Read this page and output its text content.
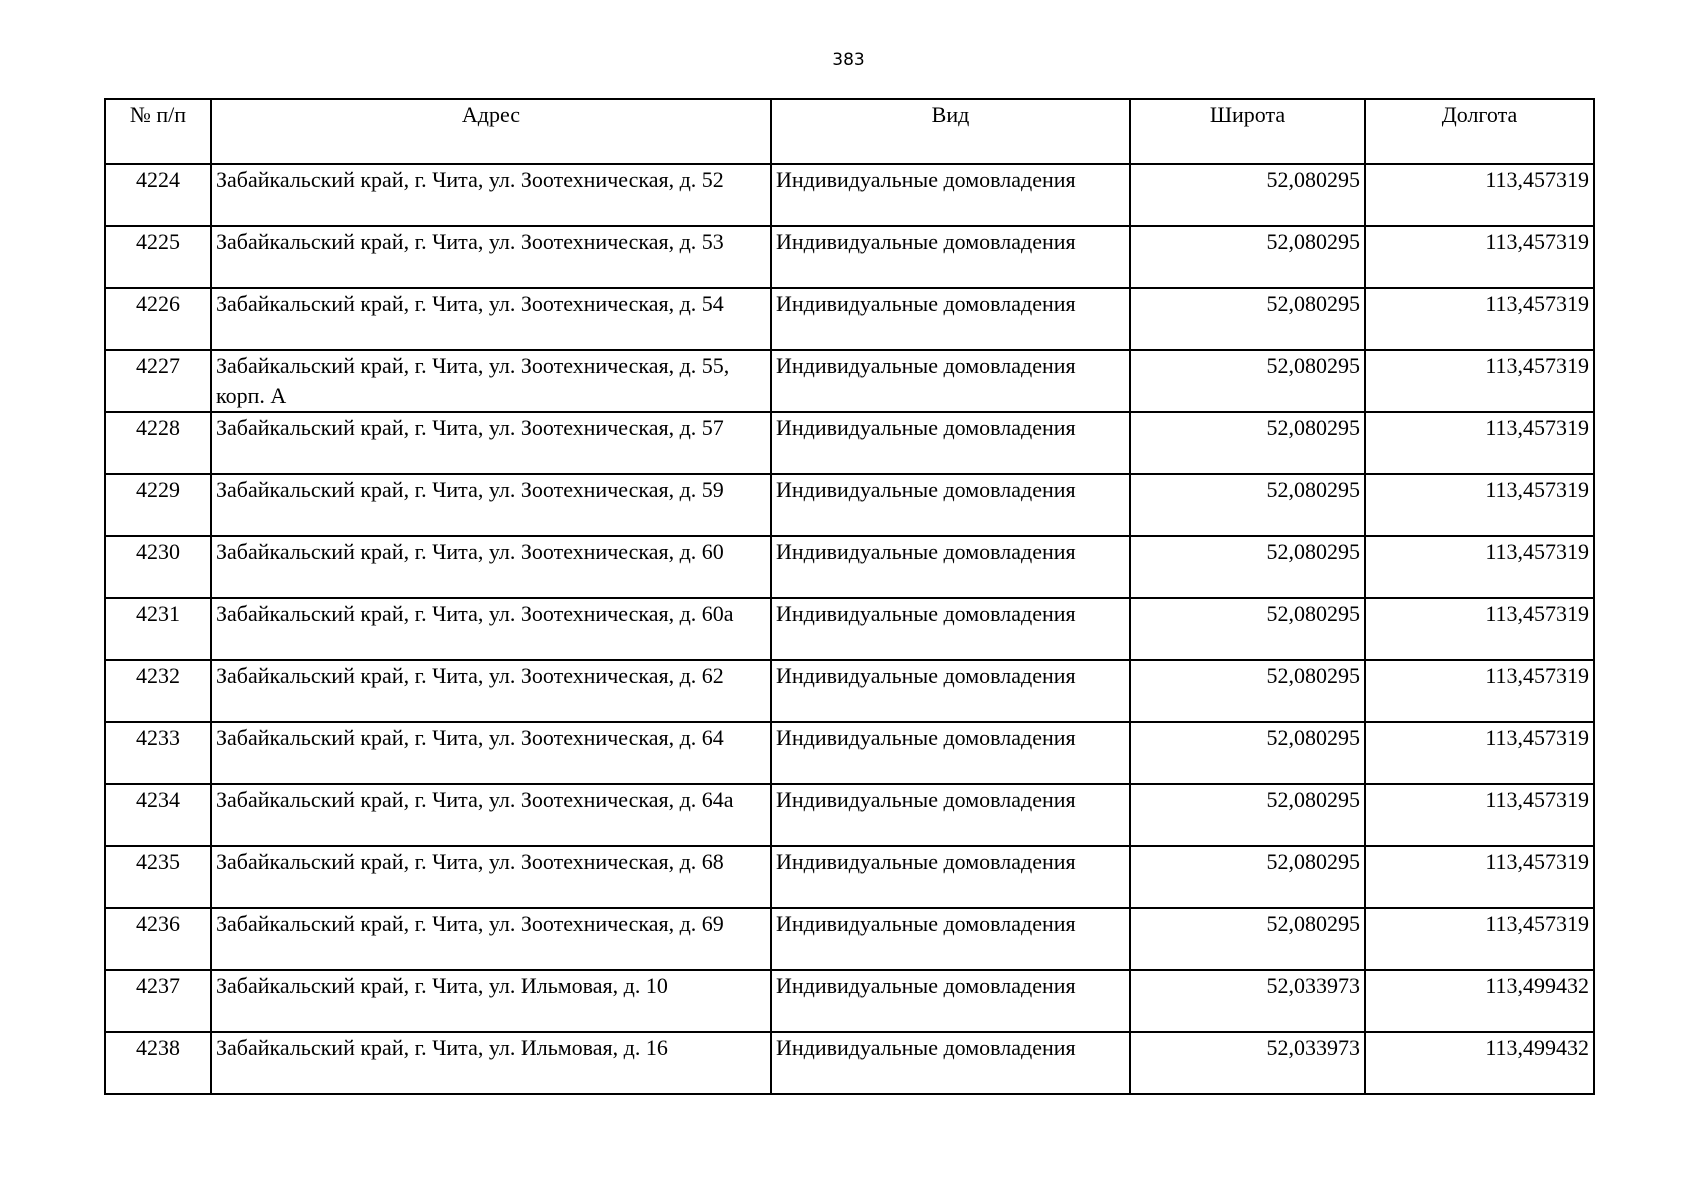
383
№ п/п	Адрес	Вид	Широта	Долгота
4224	Забайкальский край, г. Чита, ул. Зоотехническая, д. 52	Индивидуальные домовладения	52,080295	113,457319
4225	Забайкальский край, г. Чита, ул. Зоотехническая, д. 53	Индивидуальные домовладения	52,080295	113,457319
4226	Забайкальский край, г. Чита, ул. Зоотехническая, д. 54	Индивидуальные домовладения	52,080295	113,457319
4227	Забайкальский край, г. Чита, ул. Зоотехническая, д. 55, корп. А	Индивидуальные домовладения	52,080295	113,457319
4228	Забайкальский край, г. Чита, ул. Зоотехническая, д. 57	Индивидуальные домовладения	52,080295	113,457319
4229	Забайкальский край, г. Чита, ул. Зоотехническая, д. 59	Индивидуальные домовладения	52,080295	113,457319
4230	Забайкальский край, г. Чита, ул. Зоотехническая, д. 60	Индивидуальные домовладения	52,080295	113,457319
4231	Забайкальский край, г. Чита, ул. Зоотехническая, д. 60а	Индивидуальные домовладения	52,080295	113,457319
4232	Забайкальский край, г. Чита, ул. Зоотехническая, д. 62	Индивидуальные домовладения	52,080295	113,457319
4233	Забайкальский край, г. Чита, ул. Зоотехническая, д. 64	Индивидуальные домовладения	52,080295	113,457319
4234	Забайкальский край, г. Чита, ул. Зоотехническая, д. 64а	Индивидуальные домовладения	52,080295	113,457319
4235	Забайкальский край, г. Чита, ул. Зоотехническая, д. 68	Индивидуальные домовладения	52,080295	113,457319
4236	Забайкальский край, г. Чита, ул. Зоотехническая, д. 69	Индивидуальные домовладения	52,080295	113,457319
4237	Забайкальский край, г. Чита, ул. Ильмовая, д. 10	Индивидуальные домовладения	52,033973	113,499432
4238	Забайкальский край, г. Чита, ул. Ильмовая, д. 16	Индивидуальные домовладения	52,033973	113,499432
